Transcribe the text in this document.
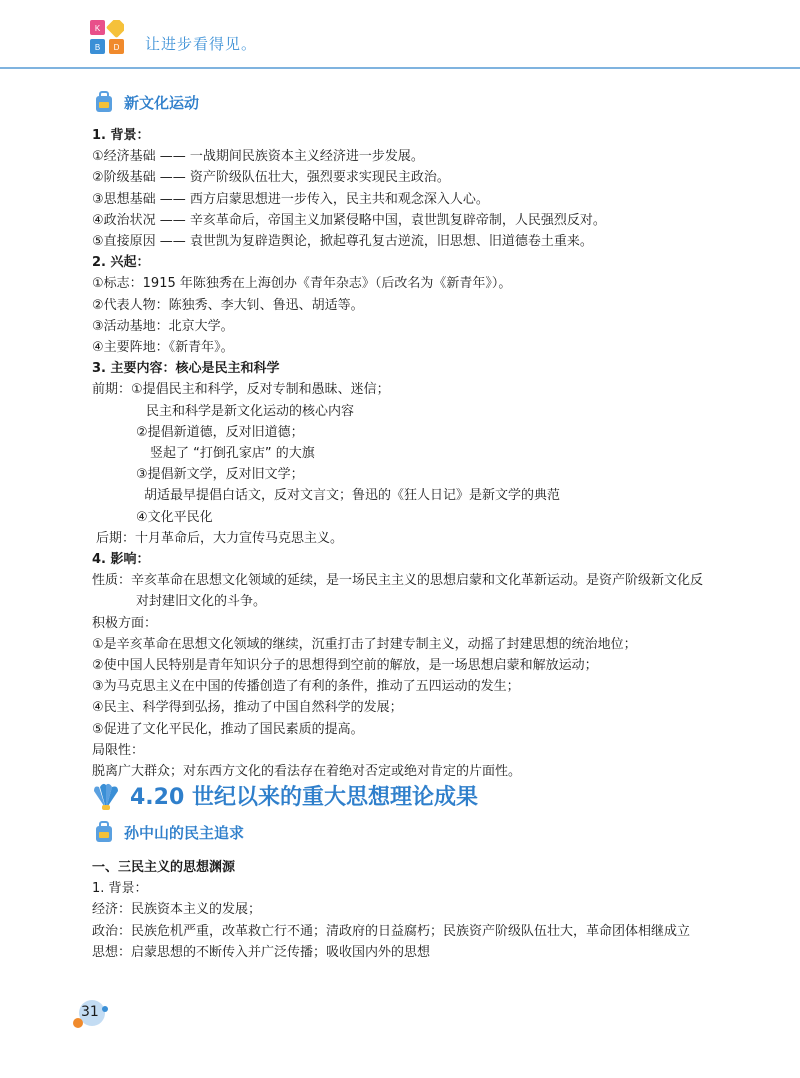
K
B D 让进步看得见。
新文化运动
1. 背景：
①经济基础 —— 一战期间民族资本主义经济进一步发展。
②阶级基础 —— 资产阶级队伍壮大，强烈要求实现民主政治。
③思想基础 —— 西方启蒙思想进一步传入，民主共和观念深入人心。
④政治状况 —— 辛亥革命后，帝国主义加紧侵略中国，袁世凯复辟帝制，人民强烈反对。
⑤直接原因 —— 袁世凯为复辟造舆论，掀起尊孔复古逆流，旧思想、旧道德卷土重来。
2. 兴起：
①标志：1915 年陈独秀在上海创办《青年杂志》（后改名为《新青年》）。
②代表人物：陈独秀、李大钊、鲁迅、胡适等。
③活动基地：北京大学。
④主要阵地：《新青年》。
3. 主要内容：核心是民主和科学
前期：①提倡民主和科学，反对专制和愚昧、迷信；
民主和科学是新文化运动的核心内容
②提倡新道德，反对旧道德；
竖起了 “打倒孔家店” 的大旗
③提倡新文学，反对旧文学；
胡适最早提倡白话文，反对文言文；鲁迅的《狂人日记》是新文学的典范
④文化平民化
后期：十月革命后，大力宣传马克思主义。
4. 影响：
性质：辛亥革命在思想文化领域的延续，是一场民主主义的思想启蒙和文化革新运动。是资产阶级新文化反对封建旧文化的斗争。
积极方面：
①是辛亥革命在思想文化领域的继续，沉重打击了封建专制主义，动摇了封建思想的统治地位；
②使中国人民特别是青年知识分子的思想得到空前的解放，是一场思想启蒙和解放运动；
③为马克思主义在中国的传播创造了有利的条件，推动了五四运动的发生；
④民主、科学得到弘扬，推动了中国自然科学的发展；
⑤促进了文化平民化，推动了国民素质的提高。
局限性：
脱离广大群众；对东西方文化的看法存在着绝对否定或绝对肯定的片面性。
4.20 世纪以来的重大思想理论成果
孙中山的民主追求
一、三民主义的思想渊源
1. 背景：
经济：民族资本主义的发展；
政治：民族危机严重，改革救亡行不通；清政府的日益腐朽；民族资产阶级队伍壮大，革命团体相继成立
思想：启蒙思想的不断传入并广泛传播；吸收国内外的思想
31
